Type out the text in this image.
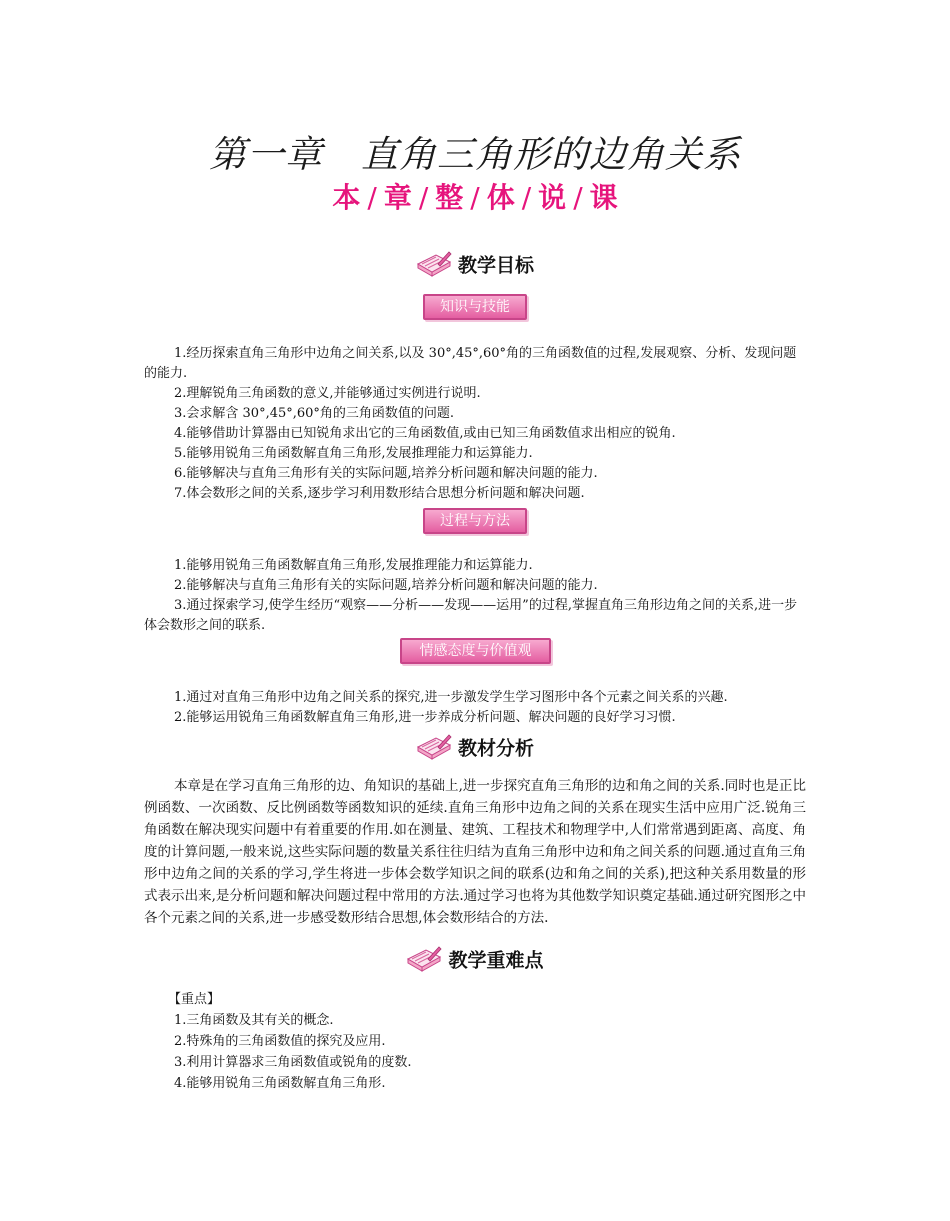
第一章 直角三角形的边角关系
本 / 章 / 整 / 体 / 说 / 课
教学目标
知识与技能

1.经历探索直角三角形中边角之间关系,以及 30°,45°,60°角的三角函数值的过程,发展观察、分析、发现问题的能力.

2.理解锐角三角函数的意义,并能够通过实例进行说明.

3.会求解含 30°,45°,60°角的三角函数值的问题.

4.能够借助计算器由已知锐角求出它的三角函数值,或由已知三角函数值求出相应的锐角.

5.能够用锐角三角函数解直角三角形,发展推理能力和运算能力.

6.能够解决与直角三角形有关的实际问题,培养分析问题和解决问题的能力.

7.体会数形之间的关系,逐步学习利用数形结合思想分析问题和解决问题.

过程与方法

1.能够用锐角三角函数解直角三角形,发展推理能力和运算能力.

2.能够解决与直角三角形有关的实际问题,培养分析问题和解决问题的能力.

3.通过探索学习,使学生经历“观察——分析——发现——运用”的过程,掌握直角三角形边角之间的关系,进一步体会数形之间的联系.

情感态度与价值观

1.通过对直角三角形中边角之间关系的探究,进一步激发学生学习图形中各个元素之间关系的兴趣.

2.能够运用锐角三角函数解直角三角形,进一步养成分析问题、解决问题的良好学习习惯.

教材分析

本章是在学习直角三角形的边、角知识的基础上,进一步探究直角三角形的边和角之间的关系.同时也是正比例函数、一次函数、反比例函数等函数知识的延续.直角三角形中边角之间的关系在现实生活中应用广泛.锐角三角函数在解决现实问题中有着重要的作用.如在测量、建筑、工程技术和物理学中,人们常常遇到距离、高度、角度的计算问题,一般来说,这些实际问题的数量关系往往归结为直角三角形中边和角之间关系的问题.通过直角三角形中边角之间的关系的学习,学生将进一步体会数学知识之间的联系(边和角之间的关系),把这种关系用数量的形式表示出来,是分析问题和解决问题过程中常用的方法.通过学习也将为其他数学知识奠定基础.通过研究图形之中各个元素之间的关系,进一步感受数形结合思想,体会数形结合的方法.

教学重难点

【重点】

1.三角函数及其有关的概念.

2.特殊角的三角函数值的探究及应用.

3.利用计算器求三角函数值或锐角的度数.

4.能够用锐角三角函数解直角三角形.
